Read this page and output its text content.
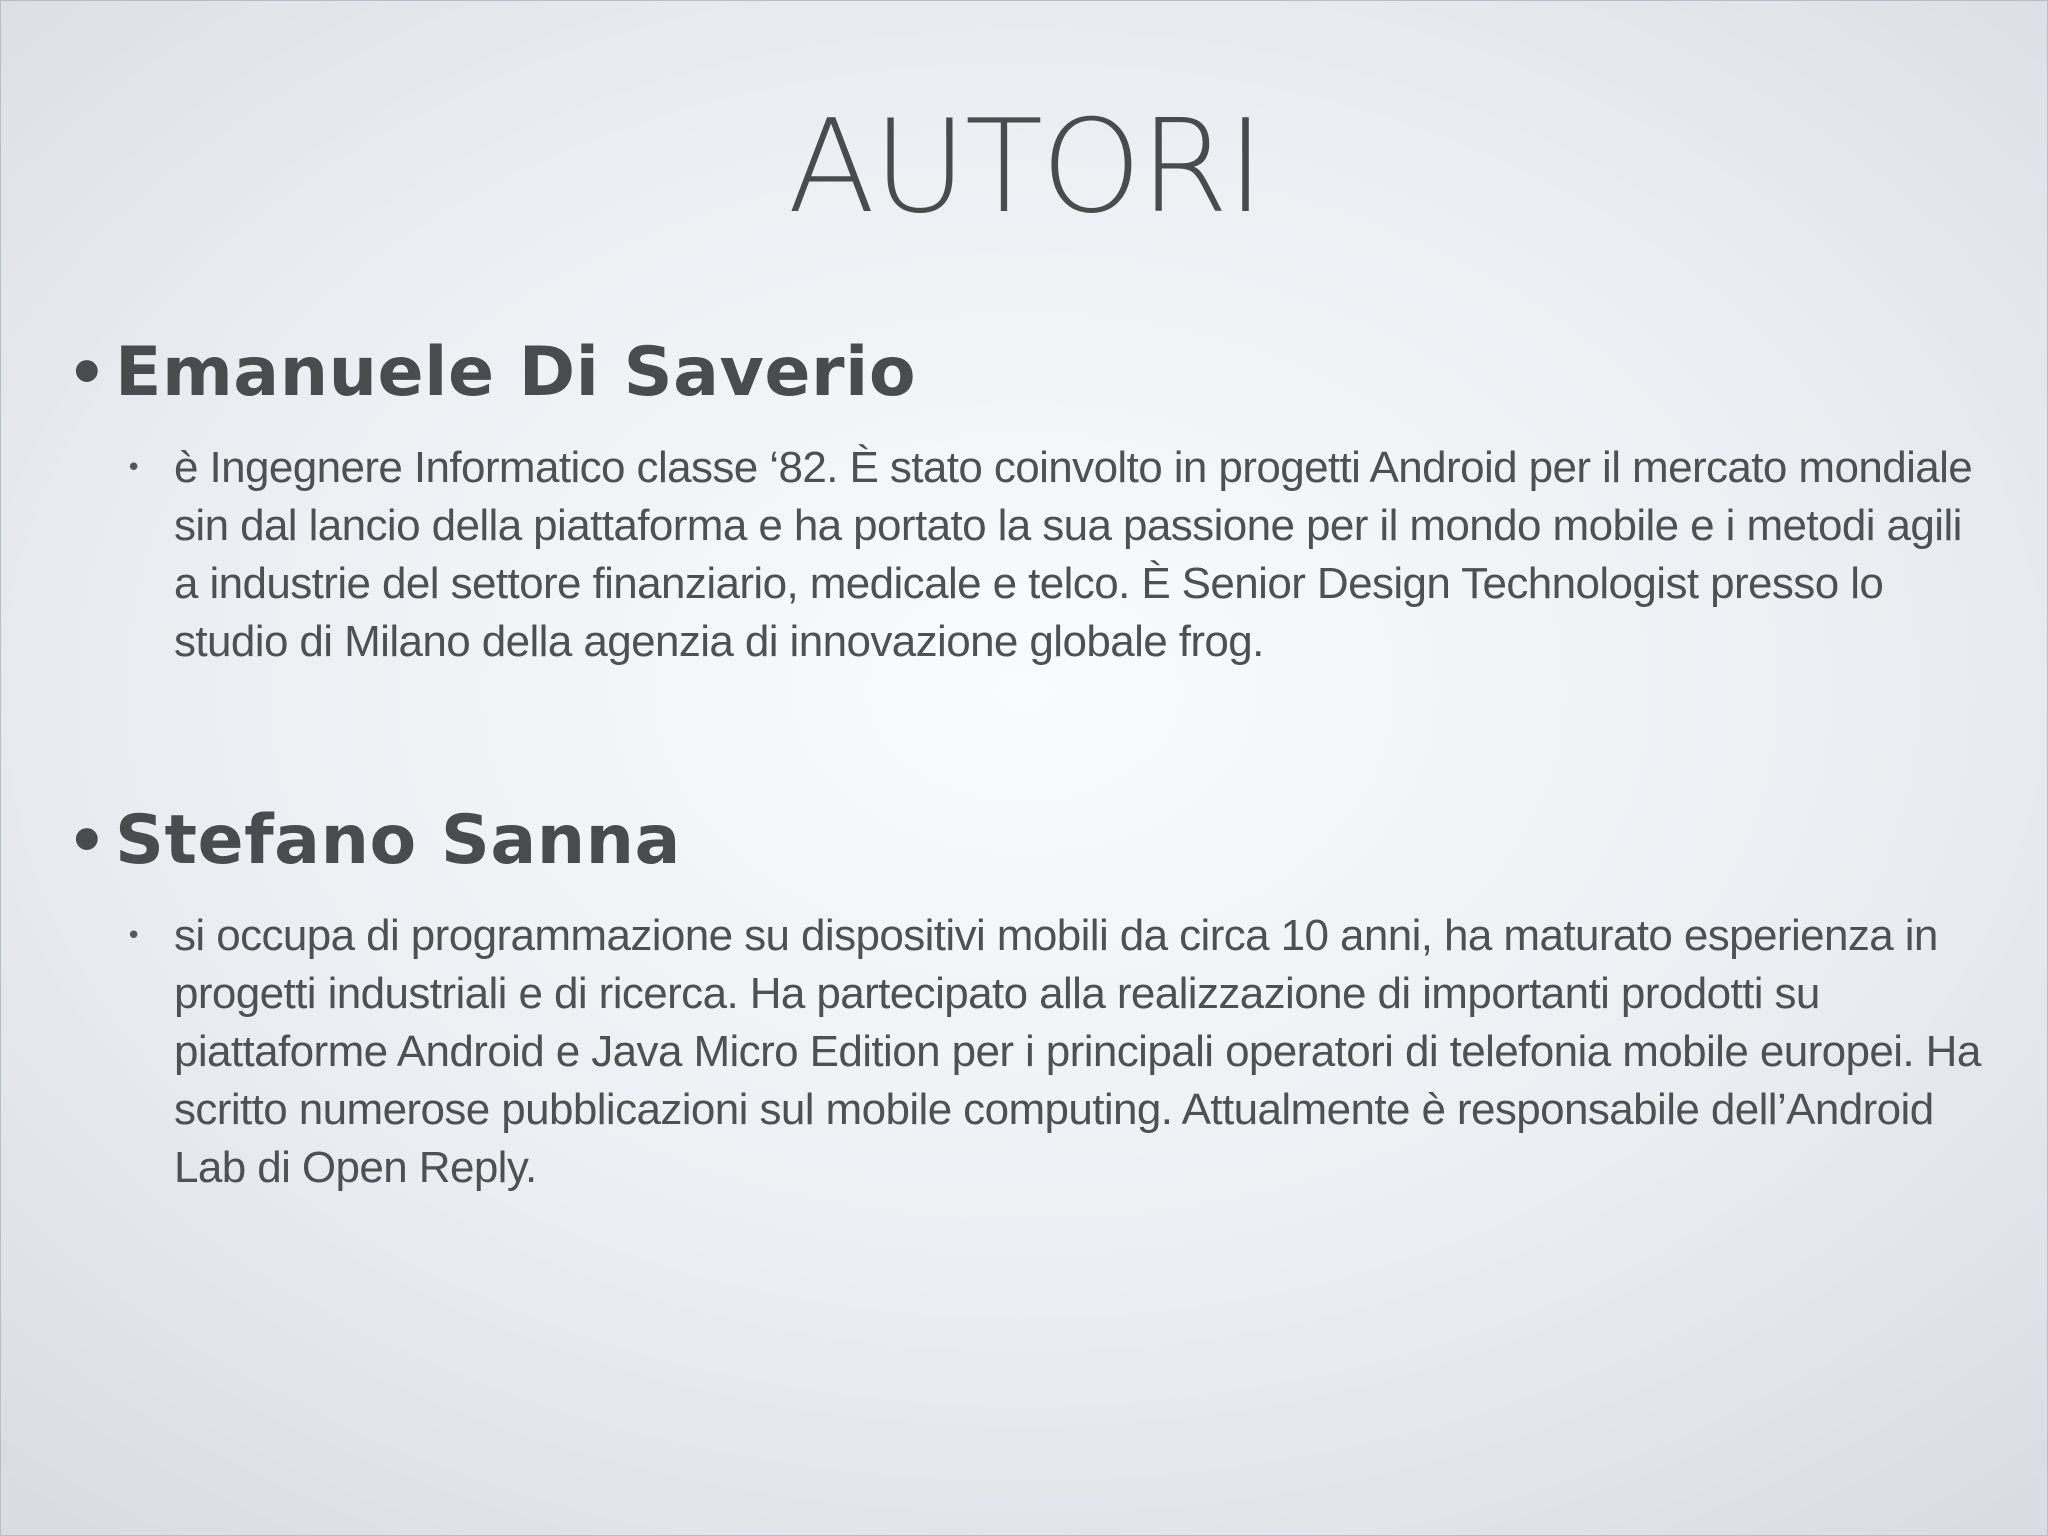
AUTORI
• Emanuele Di Saverio
• è Ingegnere Informatico classe ‘82. È stato coinvolto in progetti Android per il mercato mondiale sin dal lancio della piattaforma e ha portato la sua passione per il mondo mobile e i metodi agili a industrie del settore finanziario, medicale e telco. È Senior Design Technologist presso lo studio di Milano della agenzia di innovazione globale frog.

• Stefano Sanna
• si occupa di programmazione su dispositivi mobili da circa 10 anni, ha maturato esperienza in progetti industriali e di ricerca. Ha partecipato alla realizzazione di importanti prodotti su piattaforme Android e Java Micro Edition per i principali operatori di telefonia mobile europei. Ha scritto numerose pubblicazioni sul mobile computing. Attualmente è responsabile dell’Android Lab di Open Reply.
